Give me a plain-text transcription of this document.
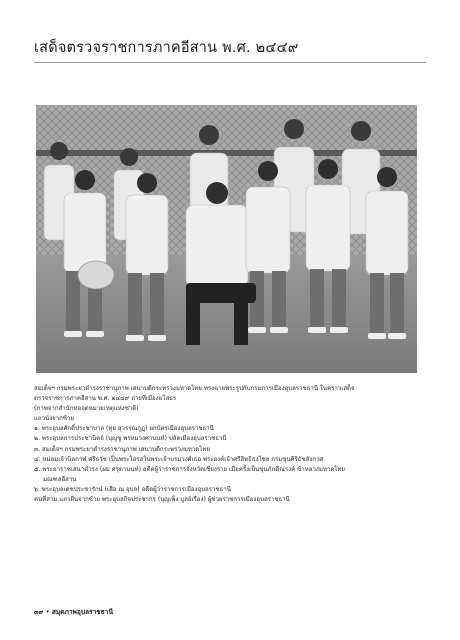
เสด็จตรวจราชการภาคอีสาน พ.ศ. ๒๔๔๙

สมเด็จฯ กรมพระยาดำรงราชานุภาพ เสนาบดีกระทรวงมหาดไทย ทรงฉายพระรูปกับกรมการเมืองอุบลราชธานี ในคราวเสด็จ

ตรวจราชการภาคอีสาน พ.ศ. ๒๔๔๙ ถ่ายที่เมืองยโสธร

(ภาพจากสำนักหอจดหมายเหตุแห่งชาติ)

แถวนั่งจากซ้าย

๑. พระอุบลศักดิ์ประชาบาล (ทุย สุวรรณกูฏ) ยกบัตรเมืองอุบลราชธานี

๒. พระอุบลการประชานิตย์ (บุญชู พรหมวงศานนท์) ปลัดเมืองอุบลราชธานี

๓. สมเด็จฯ กรมพระยาดำรงราชานุภาพ เสนาบดีกระทรวงมหาดไทย

๔. หม่อมเจ้านิลกาฬ ศรีธวัช เป็นพระโอรสในพระเจ้าบรมวงศ์เธอ พระองค์เจ้าศรีสิทธิธงไชย กรมขุนศิริธัชสังกาศ

๕. พระยาราชเสนาดำรง (ผม ศรุตานนท์) อดีตผู้ว่าราชการจังหวัดเชียงราย เมื่อครั้งเป็นขุนภักดีณรงค์ ข้าหลวงมหาดไทย

มณฑลอีสาน

๖. พระอุบลเดชประชารักษ์ (เสือ ณ อุบล) อดีตผู้ว่าราชการเมืองอุบลราชธานี

คนที่สาม แถวยืนจากซ้าย พระอุบลกิจประชากร (บุญเพ็ง บูลย์เรือง) ผู้ช่วยราชการเมืองอุบลราชธานี

๓๙ • สมุดภาพอุบลราชธานี
